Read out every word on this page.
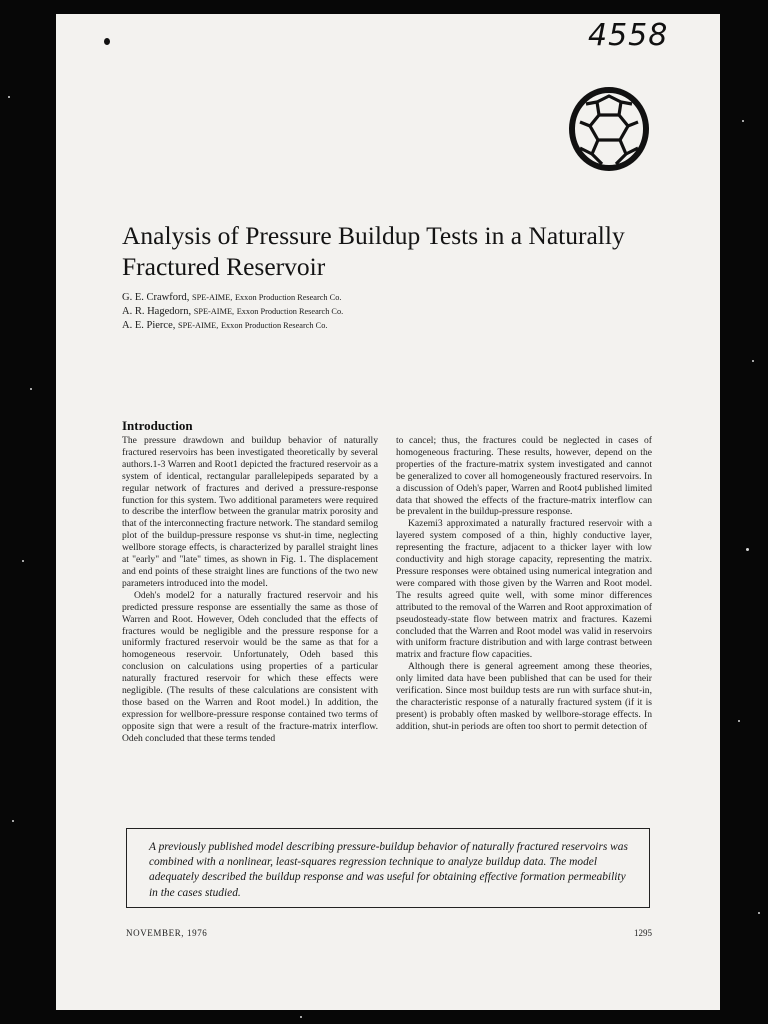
4558
Analysis of Pressure Buildup Tests in a Naturally Fractured Reservoir
G. E. Crawford, SPE-AIME, Exxon Production Research Co.
A. R. Hagedorn, SPE-AIME, Exxon Production Research Co.
A. E. Pierce, SPE-AIME, Exxon Production Research Co.
Introduction

The pressure drawdown and buildup behavior of naturally fractured reservoirs has been investigated theoretically by several authors.1-3 Warren and Root1 depicted the fractured reservoir as a system of identical, rectangular parallelepipeds separated by a regular network of fractures and derived a pressure-response function for this system. Two additional parameters were required to describe the interflow between the granular matrix porosity and that of the interconnecting fracture network. The standard semilog plot of the buildup-pressure response vs shut-in time, neglecting wellbore storage effects, is characterized by parallel straight lines at "early" and "late" times, as shown in Fig. 1. The displacement and end points of these straight lines are functions of the two new parameters introduced into the model.

Odeh's model2 for a naturally fractured reservoir and his predicted pressure response are essentially the same as those of Warren and Root. However, Odeh concluded that the effects of fractures would be negligible and the pressure response for a uniformly fractured reservoir would be the same as that for a homogeneous reservoir. Unfortunately, Odeh based this conclusion on calculations using properties of a particular naturally fractured reservoir for which these effects were negligible. (The results of these calculations are consistent with those based on the Warren and Root model.) In addition, the expression for wellbore-pressure response contained two terms of opposite sign that were a result of the fracture-matrix interflow. Odeh concluded that these terms tended

to cancel; thus, the fractures could be neglected in cases of homogeneous fracturing. These results, however, depend on the properties of the fracture-matrix system investigated and cannot be generalized to cover all homogeneously fractured reservoirs. In a discussion of Odeh's paper, Warren and Root4 published limited data that showed the effects of the fracture-matrix interflow can be prevalent in the buildup-pressure response.

Kazemi3 approximated a naturally fractured reservoir with a layered system composed of a thin, highly conductive layer, representing the fracture, adjacent to a thicker layer with low conductivity and high storage capacity, representing the matrix. Pressure responses were obtained using numerical integration and were compared with those given by the Warren and Root model. The results agreed quite well, with some minor differences attributed to the removal of the Warren and Root approximation of pseudosteady-state flow between matrix and fractures. Kazemi concluded that the Warren and Root model was valid in reservoirs with uniform fracture distribution and with large contrast between matrix and fracture flow capacities.

Although there is general agreement among these theories, only limited data have been published that can be used for their verification. Since most buildup tests are run with surface shut-in, the characteristic response of a naturally fractured system (if it is present) is probably often masked by wellbore-storage effects. In addition, shut-in periods are often too short to permit detection of

A previously published model describing pressure-buildup behavior of naturally fractured reservoirs was combined with a nonlinear, least-squares regression technique to analyze buildup data. The model adequately described the buildup response and was useful for obtaining effective formation permeability in the cases studied.

NOVEMBER, 1976	1295
